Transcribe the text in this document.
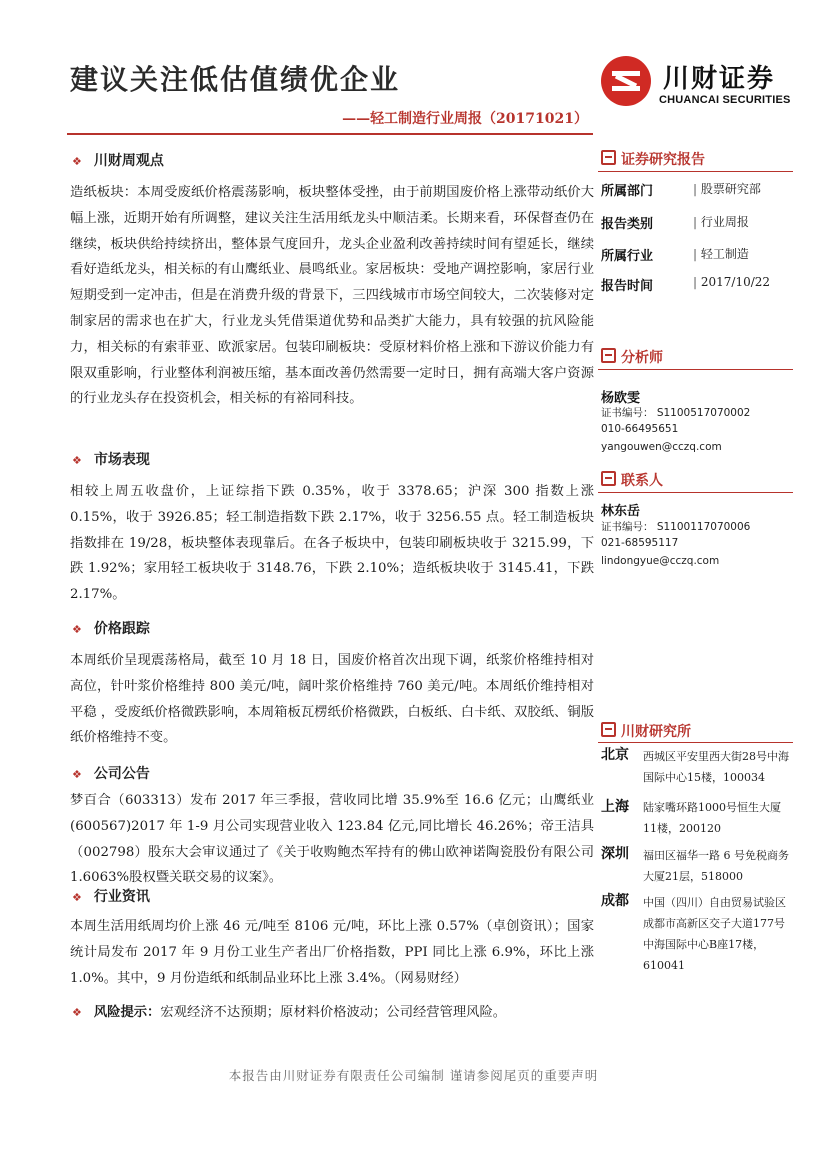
建议关注低估值绩优企业
——轻工制造行业周报（20171021）
川财证券
CHUANCAI SECURITIES
❖ 川财周观点
造纸板块：本周受废纸价格震荡影响，板块整体受挫，由于前期国废价格上涨带动纸价大幅上涨，近期开始有所调整，建议关注生活用纸龙头中顺洁柔。长期来看，环保督查仍在继续，板块供给持续挤出，整体景气度回升，龙头企业盈利改善持续时间有望延长，继续看好造纸龙头，相关标的有山鹰纸业、晨鸣纸业。家居板块：受地产调控影响，家居行业短期受到一定冲击，但是在消费升级的背景下，三四线城市市场空间较大，二次装修对定制家居的需求也在扩大，行业龙头凭借渠道优势和品类扩大能力，具有较强的抗风险能力，相关标的有索菲亚、欧派家居。包装印刷板块：受原材料价格上涨和下游议价能力有限双重影响，行业整体利润被压缩，基本面改善仍然需要一定时日，拥有高端大客户资源的行业龙头存在投资机会，相关标的有裕同科技。
❖ 市场表现
相较上周五收盘价，上证综指下跌 0.35%，收于 3378.65；沪深 300 指数上涨 0.15%，收于 3926.85；轻工制造指数下跌 2.17%，收于 3256.55 点。轻工制造板块指数排在 19/28，板块整体表现靠后。在各子板块中，包装印刷板块收于 3215.99，下跌 1.92%；家用轻工板块收于 3148.76，下跌 2.10%；造纸板块收于 3145.41，下跌 2.17%。
❖ 价格跟踪
本周纸价呈现震荡格局，截至 10 月 18 日，国废价格首次出现下调，纸浆价格维持相对高位，针叶浆价格维持 800 美元/吨，阔叶浆价格维持 760 美元/吨。本周纸价维持相对平稳 ，受废纸价格微跌影响，本周箱板瓦楞纸价格微跌，白板纸、白卡纸、双胶纸、铜版纸价格维持不变。
❖ 公司公告
梦百合（603313）发布 2017 年三季报，营收同比增 35.9%至 16.6 亿元；山鹰纸业(600567)2017 年 1-9 月公司实现营业收入 123.84 亿元,同比增长 46.26%；帝王洁具（002798）股东大会审议通过了《关于收购鲍杰军持有的佛山欧神诺陶瓷股份有限公司 1.6063%股权暨关联交易的议案》。
❖ 行业资讯
本周生活用纸周均价上涨 46 元/吨至 8106 元/吨，环比上涨 0.57%（卓创资讯）；国家统计局发布 2017 年 9 月份工业生产者出厂价格指数，PPI 同比上涨 6.9%，环比上涨 1.0%。其中，9 月份造纸和纸制品业环比上涨 3.4%。（网易财经）
❖ 风险提示：宏观经济不达预期；原材料价格波动；公司经营管理风险。
证券研究报告
所属部门	| 股票研究部
报告类别	| 行业周报
所属行业	| 轻工制造
报告时间	| 2017/10/22
分析师
杨欧雯
证书编号： S1100517070002
010-66495651
yangouwen@cczq.com
联系人
林东岳
证书编号： S1100117070006
021-68595117
lindongyue@cczq.com
川财研究所
北京 西城区平安里西大街28号中海国际中心15楼，100034
上海 陆家嘴环路1000号恒生大厦11楼，200120
深圳 福田区福华一路 6 号免税商务大厦21层，518000
成都 中国（四川）自由贸易试验区成都市高新区交子大道177号中海国际中心B座17楼，610041
本报告由川财证券有限责任公司编制 谨请参阅尾页的重要声明
